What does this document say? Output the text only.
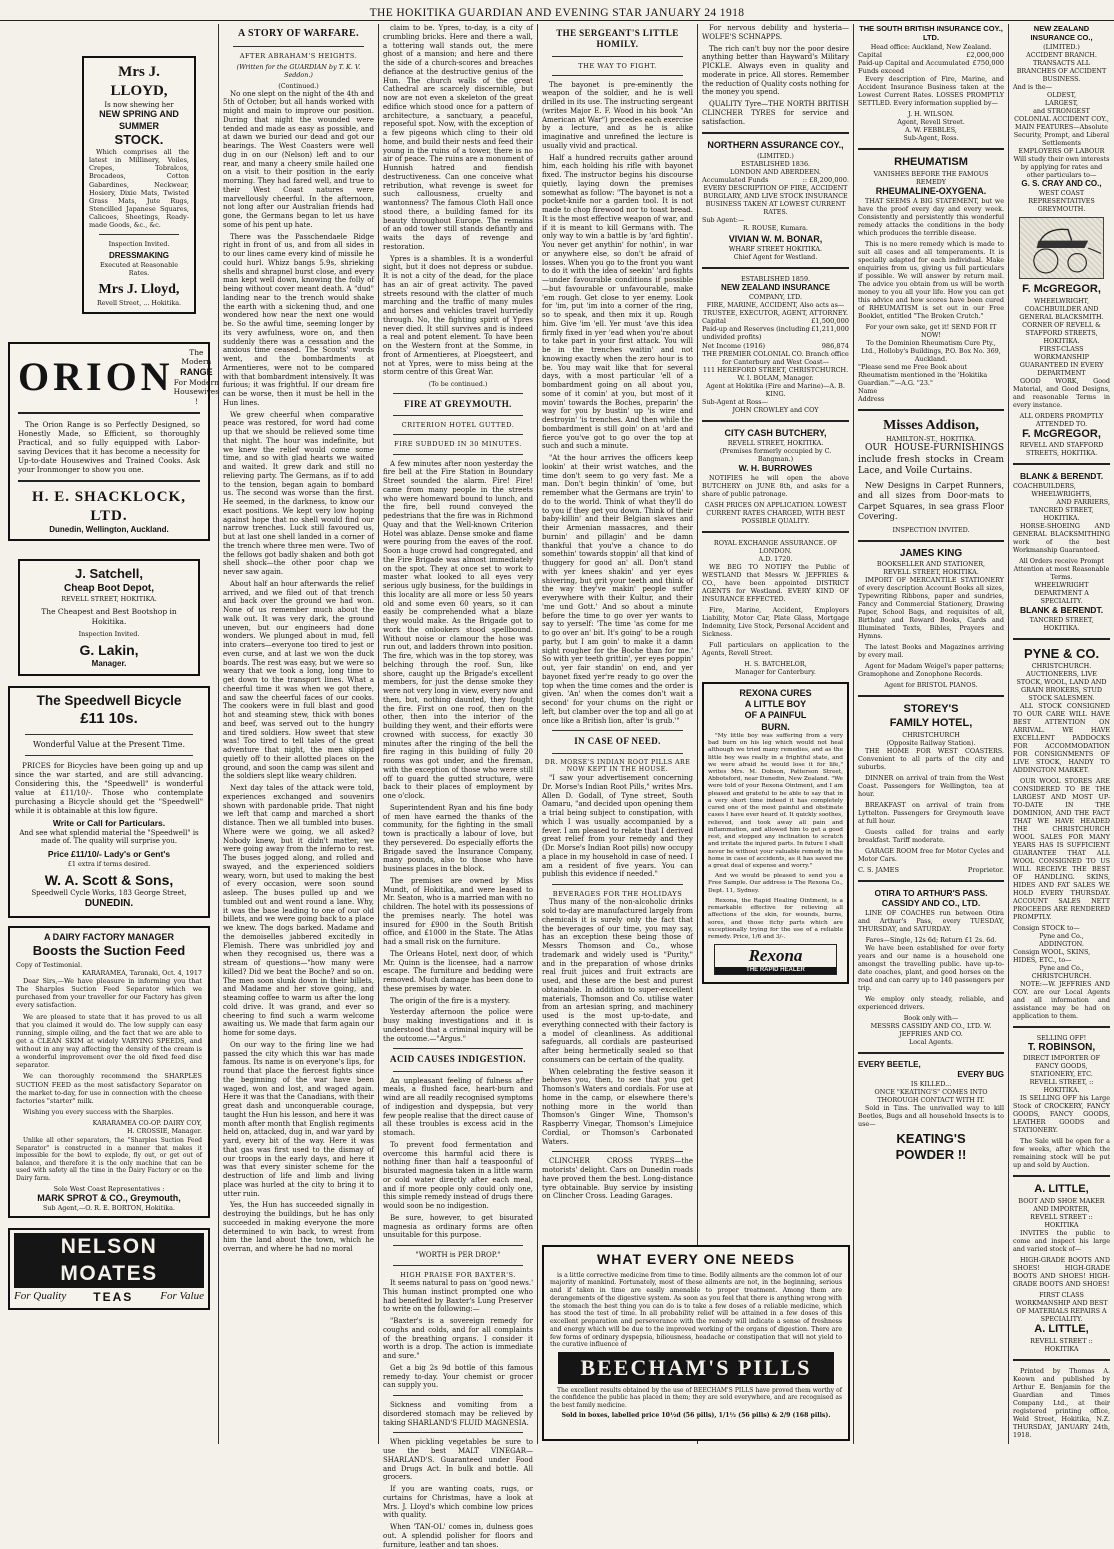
THE HOKITIKA GUARDIAN AND EVENING STAR JANUARY 24 1918
Mrs J. LLOYD,
Is now shewing her
NEW SPRING AND SUMMER
STOCK.

Which comprises all the latest in Millinery, Voiles, Crepes, Tobralcos, Brocadeos, Cotton Gabardines, Neckwear, Hosiery, Dixie Mats, Twisted Grass Mats, Jute Rugs, Stencilled Japanese Squares, Calicoes, Sheetings, Ready-made Goods, &c., &c.

Inspection Invited.
DRESSMAKING
Executed at Reasonable Rates.
Mrs J. Lloyd,
Revell Street, ... Hokitika.
ORION
The Modern
RANGE
For Modern
Housewives !

The Orion Range is so Perfectly Designed, so Honestly Made, so Efficient, so thoroughly Practical, and so fully equipped with Labor-saving Devices that it has become a necessity for Up-to-date Housewives and Trained Cooks. Ask your Ironmonger to show you one.

H. E. SHACKLOCK, LTD.
Dunedin, Wellington, Auckland.
J. Satchell,
Cheap Boot Depot,
REVELL STREET, HOKITIKA.
The Cheapest and Best Bootshop in Hokitika.
Inspection Invited.
G. Lakin,
Manager.
The Speedwell Bicycle
£11 10s.
Wonderful Value at the Present Time.

PRICES for Bicycles have been going up and up since the war started, and are still advancing. Considering this, the "Speedwell" is wonderful value at £11/10/-. Those who contemplate purchasing a Bicycle should get the "Speedwell" while it is obtainable at this low figure.

Write or Call for Particulars.

And see what splendid material the "Speedwell" is made of. The quality will surprise you.

Price £11/10/- Lady's or Gent's
£1 extra if terms desired.
W. A. Scott & Sons,
Speedwell Cycle Works, 183 George Street,
DUNEDIN.
A DAIRY FACTORY MANAGER
Boosts the Suction Feed
Copy of Testimonial.
KARARAMEA, Taranaki, Oct. 4, 1917

Dear Sirs,—We have pleasure in informing you that The Sharples Suction Feed Separator which we purchased from your traveller for our Factory has given every satisfaction.

We are pleased to state that it has proved to us all that you claimed it would do. The low supply can easy running, simple oiling, and the fact that we are able to get a CLEAN SKIM at widely VARYING SPEEDS, and without in any way affecting the density of the cream is a wonderful improvement over the old fixed feed disc separator.

We can thoroughly recommend the SHARPLES SUCTION FEED as the most satisfactory Separator on the market to-day, for use in connection with the cheese factories "starter" milk.

Wishing you every success with the Sharples.

KARARAMEA CO-OP. DAIRY COY,
H. CROSSIE, Manager.

Unlike all other separators, the "Sharples Suction Feed Separator" is constructed in a manner that makes it impossible for the bowl to explode, fly out, or get out of balance, and therefore it is the only machine that can be used with safety all the time in the Dairy Factory or on the Dairy farm.

Sole West Coast Representatives :
MARK SPROT & CO., Greymouth,
Sub Agent,—O. R. E. BORTON, Hokitika.
NELSON MOATES
For Quality TEAS For Value
A STORY OF WARFARE.
AFTER ABRAHAM'S HEIGHTS.
(Written for the GUARDIAN by T. K. V. Seddon.)
(Continued.)

No one slept on the night of the 4th and 5th of October, but all hands worked with might and main to improve our position. During that night the wounded were tended and made as easy as possible, and at dawn we buried our dead and got our bearings. The West Coasters were well dug in on our (Nelson) left and to our rear, and many a cheery smile hailed one on a visit to their position in the early morning. They had fared well, and true to their West Coast natures were marvellously cheerful. In the afternoon, not long after our Australian friends had gone, the Germans began to let us have some of his pent up hate.

There was the Passchendaele Ridge right in front of us, and from all sides in to our lines came every kind of missile he could hurl. Whizz bangs 5.9s, shrieking shells and shrapnel burst close, and every man kept well down, knowing the folly of being without cover meant death. A "dud" landing near to the trench would shake the earth with a sickening thud, and one wondered how near the next one would be. So the awful time, seeming longer by its very awfulness, wore on, and then suddenly there was a cessation and the anxious time ceased. The Scouts' words went, and the bombardments at Armentieres, were not to be compared with that bombardment intensively. It was furious; it was frightful. If our dream fire can be worse, then it must be hell in the Hun lines.

We grew cheerful when comparative peace was restored, for word had come up that we should be relieved some time that night. The hour was indefinite, but we knew the relief would come some time, and so with glad hearts we waited and waited. It grew dark and still no relieving party. The Germans, as if to add to the tension, began again to bombard us. The second was worse than the first. He seemed, in the darkness, to know our exact positions. We kept very low hoping against hope that no shell would find our narrow trenches. Luck still favoured us, but at last one shell landed in a corner of the trench where three men were. Two of the fellows got badly shaken and both got shell shock—the other poor chap we never saw again.

About half an hour afterwards the relief arrived, and we filed out of that trench and back over the ground we had won. None of us remember much about the walk out. It was very dark, the ground uneven, but our engineers had done wonders. We plunged about in mud, fell into craters—everyone too tired to jest or even curse, and at last we won the duck boards. The rest was easy, but we were so weary that we took a long, long time to get down to the transport lines. What a cheerful time it was when we got there, and saw the cheerful faces of our cooks. The cookers were in full blast and good hot and steaming stew, thick with bones and beef, was served out to the hungry and tired soldiers. How sweet that stew was! Too tired to tell tales of the great adventure that night, the men slipped quietly off to their allotted places on the ground, and soon the camp was silent and the soldiers slept like weary children.

Next day tales of the attack were told, experiences exchanged and souvenirs shown with pardonable pride. That night we left that camp and marched a short distance. Then we all tumbled into buses. Where were we going, we all asked? Nobody knew, but it didn't matter, we were going away from the inferno to rest. The buses jogged along, and rolled and swayed, and the experienced soldiers weary, worn, but used to making the best of every occasion, were soon sound asleep. The buses pulled up and we tumbled out and went round a lane. Why, it was the base leading to one of our old billets, and we were going back to a place we knew. The dogs barked. Madame and the demoiselles jabbered excitedly in Flemish. There was unbridled joy and when they recognised us, there was a stream of questions—"how many were killed? Did we beat the Boche? and so on. The men soon slunk down in their billets, and Madame and her stove going, and steaming coffee to warm us after the long cold drive. It was grand, and ever so cheering to find such a warm welcome awaiting us. We made that farm again our home for some days.

On our way to the firing line we had passed the city which this war has made famous. Its name is on everyone's lips, for round that place the fiercest fights since the beginning of the war have been waged, won and lost, and waged again. Here it was that the Canadians, with their great dash and unconquerable courage, taught the Hun his lesson, and here it was month after month that English regiments held on, attacked, dug in, and war yard by yard, every bit of the way. Here it was that gas was first used to the dismay of our troops in the early days, and here it was that every sinister scheme for the destruction of life and limb and living place was hurled at the city to bring it to utter ruin.

Yes, the Hun has succeeded signally in destroying the buildings, but he has only succeeded in making everyone the more determined to win back, to wrest from him the land about the town, which he overran, and where he had no moral

claim to be. Ypres, to-day, is a city of crumbling bricks. Here and there a wall, a tottering wall stands out, the mere ghost of a mansion; and here and there the side of a church-scores and breaches defiance at the destructive genius of the Hun. The church walls of the great Cathedral are scarcely discernible, but now are not even a skeleton of the great edifice which stood once for a pattern of architecture, a sanctuary, a peaceful, reposeful spot. Now, with the exception of a few pigeons which cling to their old home, and build their nests and feed their young in the ruins of a tower, there is no air of peace. The ruins are a monument of Hunnish hatred and fiendish destructiveness. Can one conceive what retribution, what revenge is sweet for such callousness, cruelty and wantonness? The famous Cloth Hall once stood there, a building famed for its beauty throughout Europe. The remains of an odd tower still stands defiantly and waits the days of revenge and restoration.

Ypres is a shambles. It is a wonderful sight, but it does not depress or subdue. It is not a city of the dead, for the place has an air of great activity. The paved streets resound with the clatter of much marching and the traffic of many mules and horses and vehicles travel hurriedly through. No, the fighting spirit of Ypres never died. It still survives and is indeed a real and potent element. To have been on the Western front at the Somme, in front of Armentieres, at Ploegsteert, and not at Ypres, were to miss being at the storm centre of this Great War.

(To be continued.)
FIRE AT GREYMOUTH.
CRITERION HOTEL GUTTED.
FIRE SUBDUED IN 30 MINUTES.

A few minutes after noon yesterday the fire bell at the Fire Station in Boundary Street sounded the alarm. Fire! Fire! came from many people in the streets who were homeward bound to lunch, and the fire, bell round conveyed the pedestrians that the fire was in Richmond Quay and that the Well-known Criterion Hotel was ablaze. Dense smoke and flame were pouring from the eaves of the roof. Soon a huge crowd had congregated, and the Fire Brigade was almost immediately on the spot. They at once set to work to master what looked to all eyes very serious ugly business, for the buildings in this locality are all more or less 50 years old and some even 60 years, so it can easily be comprehended what a blaze they would make. As the Brigade got to work the onlookers stood spellbound. Without noise or clamour the hose was run out, and ladders thrown into position. The fire, which was in the top storey, was belching through the roof. Sun, like shore, caught up the Brigade's excellent members, for just the dense smoke they were not very long in view, every now and then, but, nothing daunted, they fought the fire. First on one roof, then on the other, then into the interior of the building they went, and their efforts were crowned with success, for exactly 30 minutes after the ringing of the bell the fire raging in this building of fully 20 rooms was got under, and the fireman, with the exception of those who were still off to guard the gutted structure, were back to their places of employment by one o'clock.

Superintendent Ryan and his fine body of men have earned the thanks of the community, for the fighting in the small town is practically a labour of love, but they persevered. Do especially efforts the Brigade saved the Insurance Company, many pounds, also to those who have business places in the block.

The premises are owned by Miss Mundt, of Hokitika, and were leased to Mr. Seaton, who is a married man with no children. The hotel with its possessions of the premises nearly. The hotel was insured for £900 in the South British office, and £1000 in the State. The Atlas had a small risk on the furniture.

The Orleans Hotel, next door, of which Mr. Quinn is the licensee, had a narrow escape. The furniture and bedding were removed. Much damage has been done to these premises by water.

The origin of the fire is a mystery.

Yesterday afternoon the police were busy making investigations and it is understood that a criminal inquiry will be the outcome.—"Argus."

ACID CAUSES INDIGESTION.

An unpleasant feeling of fulness after meals, a flushed face, heart-burn and wind are all readily recognised symptoms of indigestion and dyspepsia, but very few people realise that the direct cause of all these troubles is excess acid in the stomach.

To prevent food fermentation and overcome this harmful acid there is nothing finer than half a teaspoonful of bisurated magnesia taken in a little warm or cold water directly after each meal, and if more people only could only one, this simple remedy instead of drugs there would soon be no indigestion.

Be sure, however, to get bisurated magnesia as ordinary forms are often unsuitable for this purpose.

"WORTH is PER DROP."
HIGH PRAISE FOR BAXTER'S.

It seems natural to pass on 'good news.' This human instinct prompted one who had benefited by Baxter's Lung Preserver to write on the following:—

"Baxter's is a sovereign remedy for coughs and colds, and for all complaints of the breathing organs. I consider it worth is a drop. The action is immediate and sure."

Get a big 2s 9d bottle of this famous remedy to-day. Your chemist or grocer can supply you.

Sickness and vomiting from a disordered stomach may be relieved by taking SHARLAND'S FLUID MAGNESIA.

When pickling vegetables be sure to use the best MALT VINEGAR—SHARLAND'S. Guaranteed under Food and Drugs Act. In bulk and bottle. All grocers.

If you are wanting coats, rugs, or curtains for Christmas, have a look at Mrs. J. Lloyd's which combine low prices with quality.

When 'TAN-OL' comes in, dulness goes out. A splendid polisher for floors and furniture, leather and tan shoes.

THE SERGEANT'S LITTLE HOMILY.
THE WAY TO FIGHT.

The bayonet is pre-eminently the weapon of the soldier, and he is well drilled in its use. The instructing sergeant (writes Major E. F. Wood in his book "An American at War") precedes each exercise by a lecture, and as he is alike imaginative and unrefined the lecture is usually vivid and practical.

Half a hundred recruits gather around him, each holding his rifle with bayonet fixed. The instructor begins his discourse quietly, laying down the premises somewhat as follow: "The bayonet is not a pocket-knife nor a garden tool. It is not made to chop firewood nor to toast bread. It is the most effective weapon of war, and if it is meant to kill Germans with. The only way to win a battle is by 'ard fightin'. You never get anythin' for nothin', in war or anywhere else, so don't be afraid of losses. When you go to the front you want to do it with the idea of seekin' 'ard fights—under favourable conditions if possible—but favourable or unfavourable, make 'em rough. Get close to yer enemy. Look for 'im, put 'im into a corner of the ring, so to speak, and then mix it up. Rough him. Give 'im 'ell. Yer must 'ave this idea firmly fixed in yer 'ead when you're about to take part in your first attack. You will be in the trenches waitin' and not knowing exactly when the zero hour is to be. You may wait like that for several days, with a most particular 'ell of a bombardment going on all about you, some of it comin' at you, but most of it movin' towards the Boches, preparin' the way for you by bustin' up 'is wire and destroyin' 'is trenches. And then while the bombardment is still goin' on at 'ard and fierce you've got to go over the top at such and such a minute.

"At the hour arrives the officers keep lookin' at their wrist watches, and the time don't seem to go very fast. Me a man. Don't begin thinkin' of 'ome, but remember what the Germans are tryin' to do to the world. Think of what they'll do to you if they get you down. Think of their baby-killin' and their Belgian slaves and their Armenian massacres, and their burnin' and pillagin' and be damn thankful that you've a chance to do somethin' towards stoppin' all that kind of thuggery for good an' all. Don't stand with yer knees shakin' and yer eyes shivering, but grit your teeth and think of the way they've makin' people suffer everywhere with their Kultur, and their 'me und Gott.' And so about a minute before the time to go over yer wants to say to yerself: 'The time 'as come for me to go over an' bit. It's going' to be a rough party, but I am goin' to make it a damn sight rougher for the Boche than for me.' So with yer teeth grittin', yer eyes poppin' out, yer fair standin' on end, and yer bayonet fixed yer're ready to go over the top when the time comes and the order is given. 'An' when the comes don't wait a second' for your chums on the right or left, but clamber over the top and all go at once like a British lion, after 'is grub.'"

IN CASE OF NEED.
DR. MORSE'S INDIAN ROOT PILLS ARE NOW KEPT IN THE HOUSE.

"I saw your advertisement concerning Dr. Morse's Indian Root Pills," writes Mrs. Allen D. Godall, of Tyne street, South Oamaru, "and decided upon opening them a trial being subject to constipation, with which I was usually accompanied by a fever. I am pleased to relate that I derived great relief from your remedy and they (Dr. Morse's Indian Root pills) now occupy a place in my household in case of need. I am a resident of five years. You can publish this evidence if needed."

BEVERAGES FOR THE HOLIDAYS

Thus many of the non-alcoholic drinks sold to-day are manufactured largely from chemicals it is surely only the fact that the beverages of our time, you may say, has an exception these being those of Messrs Thomson and Co., whose trademark and widely used is "Purity," and in the preparation of whose drinks real fruit juices and fruit extracts are used, and these are the best and purest obtainable. In addition to super-excellent materials, Thomson and Co. utilise water from an artesian spring, and machinery used is the most up-to-date, and everything connected with their factory is a model of cleanliness. As additional safeguards, all cordials are pasteurised after being hermetically sealed so that consumers can be certain of the quality.

When celebrating the festive season it behoves you, then, to see that you get Thomson's Waters and cordials. For use at home in the camp, or elsewhere there's nothing more in the world than Thomson's Ginger Wine, Thomson's Raspberry Vinegar, Thomson's Limejuice Cordial, or Thomson's Carbonated Waters.

CLINCHER CROSS TYRES—the motorists' delight. Cars on Dunedin roads have proved them the best. Long-distance tyre obtainable. Buy service by insisting on Clincher Cross. Leading Garages.

For nervous debility and hysteria—WOLFE'S SCHNAPPS.

The rich can't buy nor the poor desire anything better than Hayward's Military PICKLE. Always even in quality and moderate in price. All stores. Remember the reduction of Quality costs nothing for the money you spend.

QUALITY Tyre—THE NORTH BRITISH CLINCHER TYRES for service and satisfaction.

NORTHERN ASSURANCE COY.,
(LIMITED.)
ESTABLISHED 1836.
LONDON AND ABERDEEN.
Accumulated Funds	:: £8,200,000.
EVERY DESCRIPTION OF FIRE, ACCIDENT BURGLARY, AND LIVE STOCK INSURANCE BUSINESS TAKEN AT LOWEST CURRENT RATES.
Sub Agent:—
R. ROUSE, Kumara.
VIVIAN W. M. BONAR,
WHARF STREET HOKITIKA.
Chief Agent for Westland.
ESTABLISHED 1859.
NEW ZEALAND INSURANCE
COMPANY, LTD.
FIRE, MARINE, ACCIDENT, Also acts as— TRUSTEE, EXECUTOR, AGENT, ATTORNEY.
Capital	£1,500,000
Paid-up and Reserves (including undivided profits)
£1,211,000
Net Income (1916)	986,874
THE PREMIER COLONIAL CO. Branch office for Canterbury and West Coast—
111 HEREFORD STREET, CHRISTCHURCH.
W. I. BOLAM, Manager.
Agent at Hokitika (Fire and Marine)—A. B. KING.
Sub-Agent at Ross—
JOHN CROWLEY and COY
CITY CASH BUTCHERY,
REVELL STREET, HOKITIKA.
(Premises formerly occupied by C. Bangman.)
W. H. BURROWES

NOTIFIES he will open the above BUTCHERY on JUNE 8th, and asks for a share of public patronage.

CASH PRICES ON APPLICATION. LOWEST CURRENT RATES CHARGED, WITH BEST POSSIBLE QUALITY.
ROYAL EXCHANGE ASSURANCE. OF LONDON.
A.D. 1720.

WE BEG TO NOTIFY the Public of WESTLAND that Messrs W. JEFFRIES & CO., have been appointed DISTRICT AGENTS for Westland. EVERY KIND OF INSURANCE EFFECTED.

Fire, Marine, Accident, Employers Liability, Motor Car, Plate Glass, Mortgage Indemnity, Live Stock, Personal Accident and Sickness.

Full particulars on application to the Agents, Revell Street.

H. S. BATCHELOR,
Manager for Canterbury.
REXONA CURES
A LITTLE BOY
OF A PAINFUL
BURN.

"My little boy was suffering from a very bad burn on his leg which would not heal although we tried many remedies, and as the little boy was really in a frightful state, and we were afraid he would lose it for life," writes Mrs. M. Dobson, Patterson Street, Abbotsford, near Dunedin, New Zealand. "We were told of your Rexona Ointment, and I am pleased and grateful to be able to say that in a very short time indeed it has completely cured one of the most painful and obstinate cases I have ever heard of. It quickly soothes, relieved, and took away all pain and inflammation, and allowed him to get a good rest, and stopped any inclination to scratch and irritate the injured parts. In future I shall never be without your valuable remedy in the home in case of accidents, as it has saved me a great deal of expense and worry."

And we would be pleased to send you a Free Sample. Our address is The Rexona Co., Dept. 11, Sydney.

Rexona, the Rapid Healing Ointment, is a remarkable effective for relieving all affections of the skin, for wounds, burns, sores, and those itchy parts which are exceptionally trying for the use of a reliable remedy. Price, 1/6 and 3/-.

Rexona
THE RAPID HEALER
THE SOUTH BRITISH INSURANCE COY., LTD.
Head office: Auckland, New Zealand.
Capital	£2,000,000
Paid-up Capital and Accumulated Funds exceed
£750,000

Every description of Fire, Marine, and Accident Insurance Business taken at the Lowest Current Rates. LOSSES PROMPTLY SETTLED. Every information supplied by—

J. H. WILSON.
Agent, Revell Street.
A. W. FEBBLES,
Sub-Agent, Ross.
RHEUMATISM
VANISHES BEFORE THE FAMOUS REMEDY
RHEUMALINE-OXYGENA.

THAT SEEMS A BIG STATEMENT, but we have the proof every day and every week. Consistently and persistently this wonderful remedy attacks the conditions in the body which produces the terrible disease.

This is no mere remedy which is made to suit all cases and all temperaments. It is specially adapted for each individual. Make enquiries from us, giving us full particulars if possible. We will answer by return mail. The advice you obtain from us will be worth money to you all your life. How you can get this advice and how scores have been cured of RHEUMATISM is set out in our Free Booklet, entitled "The Broken Crutch."

For your own sake, get it! SEND FOR IT NOW!
To the Dominion Rheumatism Cure Pty., Ltd., Holloby's Buildings, P.O. Box No. 369, Auckland.
"Please send me Free Book about Rheumatism mentioned in the 'Hokitika Guardian.'"—A.G. "23."
Name
Address
Misses Addison,
HAMILTON-ST., HOKITIKA.

OUR HOUSE-FURNISHINGS include fresh stocks in Cream Lace, and Voile Curtains.

New Designs in Carpet Runners, and all sizes from Door-mats to Carpet Squares, in sea grass Floor Covering.

INSPECTION INVITED.
JAMES KING
BOOKSELLER AND STATIONER,
REVELL STREET, HOKITIKA.

IMPORT OF MERCANTILE STATIONERY of every description Account Books all sizes, Typewriting Ribbons, paper and sundries, Fancy and Commercial Stationery, Drawing Paper, School Bags, and requisites of all, Birthday and Reward Books, Cards and Illuminated Texts, Bibles, Prayers and Hymns.

The latest Books and Magazines arriving by every mail.

Agent for Madam Weigel's paper patterns; Gramophone and Zonophone Records.

Agent for BRISTOL PIANOS.
STOREY'S
FAMILY HOTEL,
CHRISTCHURCH
(Opposite Railway Station).

THE HOME FOR WEST COASTERS. Convenient to all parts of the city and suburbs.

DINNER on arrival of train from the West Coast. Passengers for Wellington, tea at hour.

BREAKFAST on arrival of train from Lyttelton. Passengers for Greymouth leave at full hour.

Guests called for trains and early breakfast. Tariff moderate.

GARAGE ROOM free for Motor Cycles and Motor Cars.

C. S. JAMES	Proprietor.
OTIRA TO ARTHUR'S PASS.
CASSIDY AND CO., LTD.

LINE OF COACHES run between Otira and Arthur's Pass, every TUESDAY, THURSDAY, and SATURDAY.

Fares—Single, 12s 6d; Return £1 2s. 6d.

We have been established for over forty years and our name is a household one amongst the travelling public. have up-to-date coaches, plant, and good horses on the road and can carry up to 140 passengers per trip.

We employ only steady, reliable, and experienced drivers.

Book only with—
MESSRS CASSIDY AND CO., LTD. W. JEFFRIES AND CO.
Local Agents.
EVERY BEETLE,
EVERY BUG
IS KILLED...
ONCE "KEATING'S" COMES INTO THOROUGH CONTACT WITH IT.

Sold in Tins. The unrivalled way to kill Beetles, Bugs and all household Insects is to use—

KEATING'S
POWDER !!
NEW ZEALAND INSURANCE CO.,
(LIMITED.)
ACCIDENT BRANCH.
TRANSACTS ALL BRANCHES OF ACCIDENT BUSINESS.
And is the—
OLDEST,
LARGEST,
and STRONGEST
COLONIAL ACCIDENT COY.,
MAIN FEATURES—Absolute Security, Prompt, and Liberal Settlements
EMPLOYERS OF LABOUR
Will study their own interests by applying for rates and other particulars to—
G. S. CRAY AND CO.,
WEST COAST REPRESENTATIVES
GREYMOUTH.
F. McGREGOR,
WHEELWRIGHT, COACHBUILDER AND GENERAL BLACKSMITH.
CORNER OF REVELL & STAFFORD STREETS, HOKITIKA.
FIRST-CLASS WORKMANSHIP GUARANTEED IN EVERY DEPARTMENT

GOOD WORK, Good Material, and Good Designs, and reasonable Terms in every instance.

ALL ORDERS PROMPTLY ATTENDED TO.
F. McGREGOR,
REVELL AND STAFFORD STREETS, HOKITIKA.
BLANK & BERENDT.
COACHBUILDERS,
WHEELWRIGHTS,
AND FARRIERS,
TANCRED STREET, HOKITIKA.

HORSE-SHOEING AND GENERAL BLACKSMITHING work of the best Workmanship Guaranteed.

All Orders receive Prompt Attention at most Reasonable Terms.
WHEELWRIGHT DEPARTMENT A SPECIALITY.
BLANK & BERENDT.
TANCRED STREET, HOKITIKA.
PYNE & CO.
CHRISTCHURCH.
AUCTIONEERS, LIVE STOCK, WOOL, LAND AND GRAIN BROKERS, STUD STOCK SALESMEN.

ALL STOCK CONSIGNED TO OUR CARE WILL HAVE BEST ATTENTION ON ARRIVAL. WE HAVE EXCELLENT PADDOCKS FOR ACCOMMODATION FOR CONSIGNMENTS OF LIVE STOCK, HANDY TO ADDINGTON MARKET.

OUR WOOL STORES ARE CONSIDERED TO BE THE LARGEST AND MOST UP-TO-DATE IN THE DOMINION, AND THE FACT THAT WE HAVE HEADED THE CHRISTCHURCH WOOL SALES FOR MANY YEARS HAS IS SUFFICIENT GUARANTEE THAT ALL WOOL CONSIGNED TO US WILL RECEIVE THE BEST OF HANDLING. SKINS, HIDES AND FAT SALES WE HOLD EVERY THURSDAY. ACCOUNT SALES NETT PROCEEDS ARE RENDERED PROMPTLY.

Consign STOCK to—
Pyne and Co.,
ADDINGTON.
Consign WOOL, SKINS, HIDES, ETC., to—
Pyne and Co.,
CHRISTCHURCH.

NOTE:—W. JEFFRIES AND COY. are our Local Agents and all information and assistance may be had on application to them.

SELLING OFF!
T. ROBINSON,
DIRECT IMPORTER OF FANCY GOODS, STATIONERY, ETC.
REVELL STREET, :: HOKITIKA.

IS SELLING OFF his Large Stock of CROCKERY, FANCY GOODS, FANCY GOODS, LEATHER GOODS and STATIONERY.

The Sale will be open for a few weeks, after which the remaining stock will be put up and sold by Auction.

A. LITTLE,
BOOT AND SHOE MAKER AND IMPORTER,
REVELL STREET :: HOKITIKA

INVITES the public to come and inspect his large and varied stock of—

HIGH-GRADE BOOTS AND SHOES! HIGH-GRADE BOOTS AND SHOES! HIGH-GRADE BOOTS AND SHOES!

FIRST CLASS WORKMANSHIP AND BEST OF MATERIALS REPAIRS A SPECIALITY.
A. LITTLE,
REVELL STREET :: HOKITIKA

Printed by Thomas A. Keown and published by Arthur E. Benjamin for the Guardian and Times Company Ltd., at their registered printing office, Weld Street, Hokitika, N.Z. THURSDAY, JANUARY 24th, 1918.

WHAT EVERY ONE NEEDS

is a little corrective medicine from time to time. Bodily ailments are the common lot of our majority of mankind. Fortunately, most of these ailments are not, in the beginning, serious and if taken in time are easily amenable to proper treatment. Among them are derangements of the digestive system. As soon as you feel that there is anything wrong with the stomach the best thing you can do is to take a few doses of a reliable medicine, which has stood the test of time. In all probability relief will be attained in a few doses of this excellent preparation and perseverance with the remedy will indicate a sense of freshness and energy which will be due to the improved working of the organs of digestion. There are few forms of ordinary dyspepsia, biliousness, headache or constipation that will not yield to the curative influence of

BEECHAM'S PILLS

The excellent results obtained by the use of BEECHAM'S PILLS have proved them worthy of the confidence the public has placed in them; they are sold everywhere, and are recognised as the best family medicine.

Sold in boxes, labelled price 10½d (56 pills), 1/1½ (56 pills) & 2/9 (168 pills).
